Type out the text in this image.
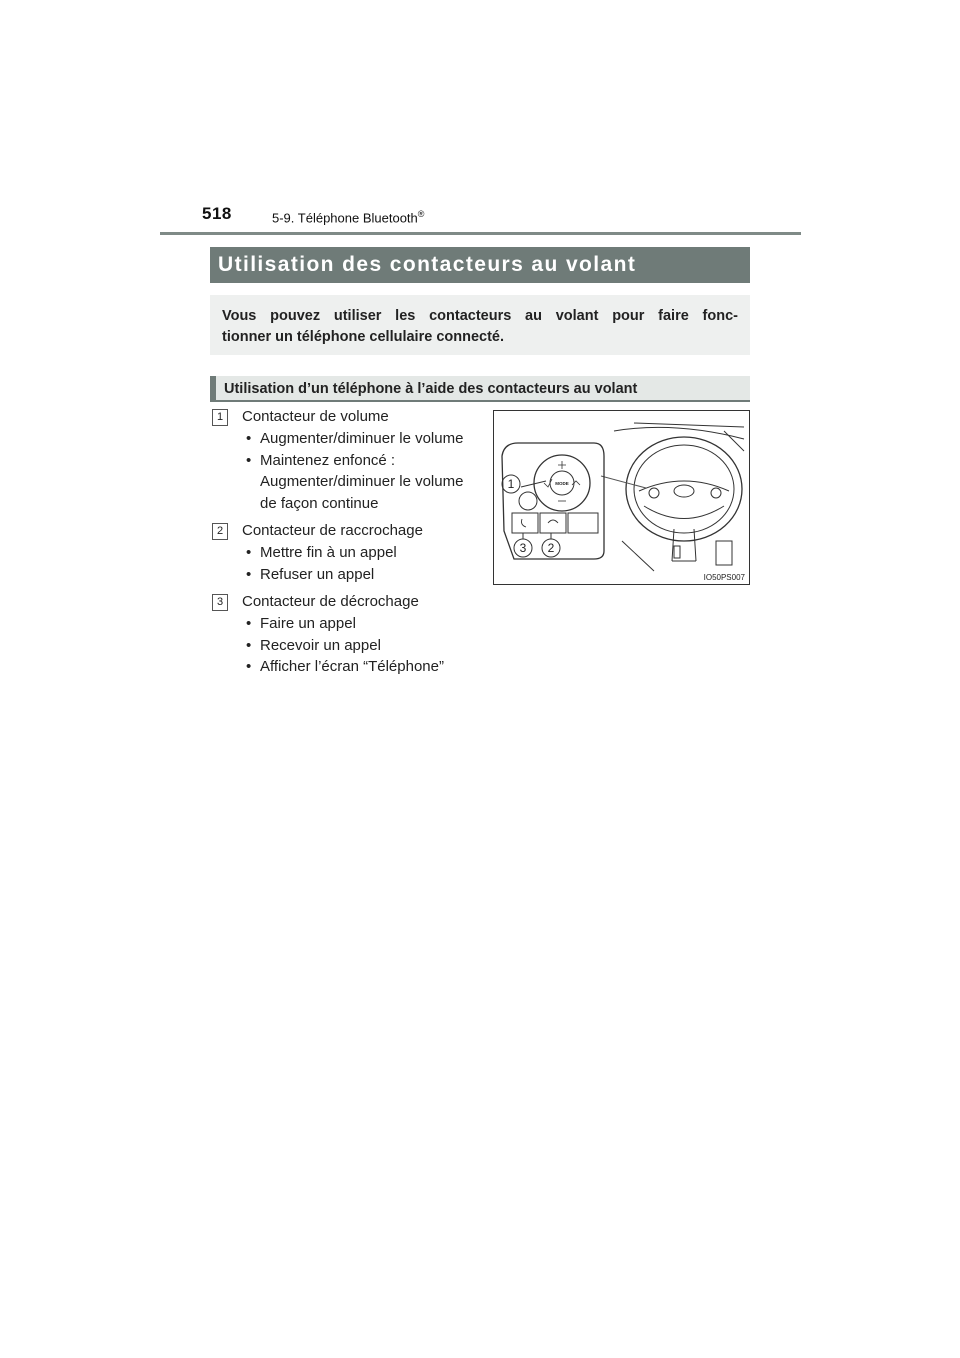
518	5-9. Téléphone Bluetooth®
Utilisation des contacteurs au volant
Vous pouvez utiliser les contacteurs au volant pour faire fonc-
tionner un téléphone cellulaire connecté.
Utilisation d’un téléphone à l’aide des contacteurs au volant
1	Contacteur de volume
• Augmenter/diminuer le volume
• Maintenez enfoncé :
Augmenter/diminuer le volume
de façon continue
2	Contacteur de raccrochage
• Mettre fin à un appel
• Refuser un appel
3	Contacteur de décrochage
• Faire un appel
• Recevoir un appel
• Afficher l’écran “Téléphone”
1
3 2
MODE
IO50PS007
